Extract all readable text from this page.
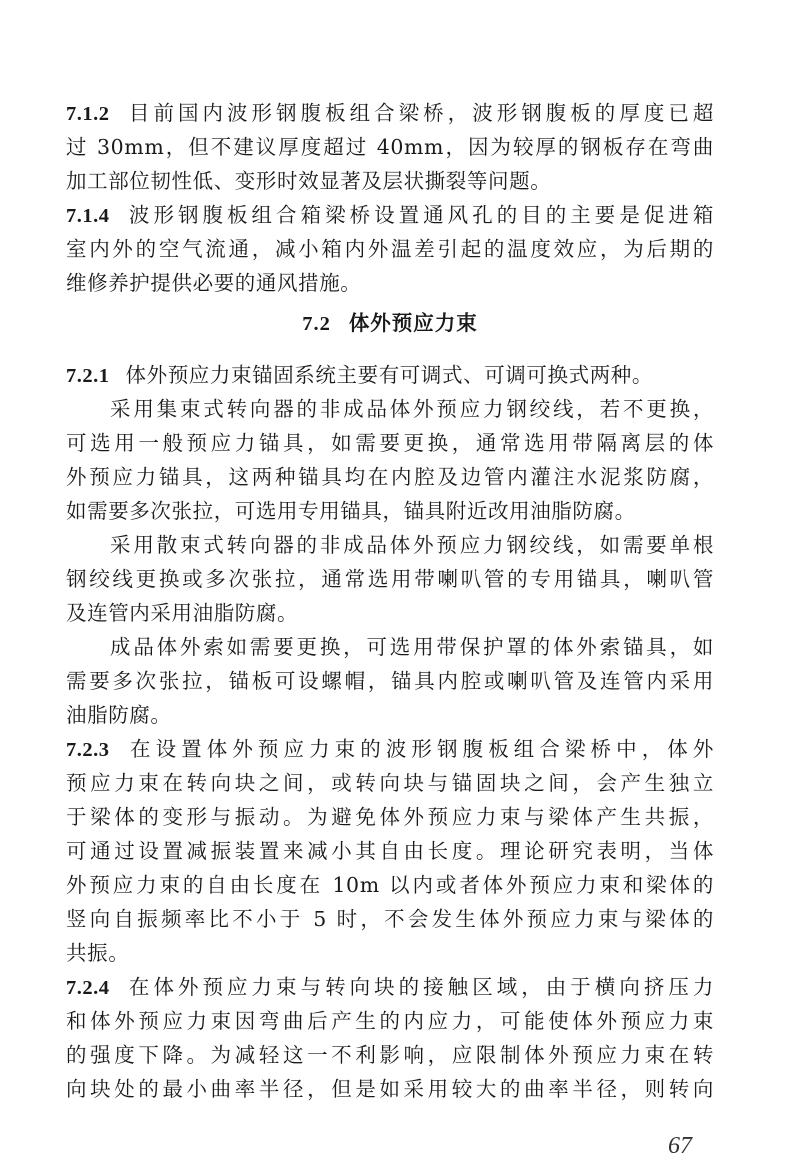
7.1.2 目前国内波形钢腹板组合梁桥，波形钢腹板的厚度已超
过 30mm，但不建议厚度超过 40mm，因为较厚的钢板存在弯曲
加工部位韧性低、变形时效显著及层状撕裂等问题。
7.1.4 波形钢腹板组合箱梁桥设置通风孔的目的主要是促进箱
室内外的空气流通，减小箱内外温差引起的温度效应，为后期的
维修养护提供必要的通风措施。
7.2 体外预应力束
7.2.1 体外预应力束锚固系统主要有可调式、可调可换式两种。
采用集束式转向器的非成品体外预应力钢绞线，若不更换，
可选用一般预应力锚具，如需要更换，通常选用带隔离层的体
外预应力锚具，这两种锚具均在内腔及边管内灌注水泥浆防腐，
如需要多次张拉，可选用专用锚具，锚具附近改用油脂防腐。
采用散束式转向器的非成品体外预应力钢绞线，如需要单根
钢绞线更换或多次张拉，通常选用带喇叭管的专用锚具，喇叭管
及连管内采用油脂防腐。
成品体外索如需要更换，可选用带保护罩的体外索锚具，如
需要多次张拉，锚板可设螺帽，锚具内腔或喇叭管及连管内采用
油脂防腐。
7.2.3 在设置体外预应力束的波形钢腹板组合梁桥中，体外
预应力束在转向块之间，或转向块与锚固块之间，会产生独立
于梁体的变形与振动。为避免体外预应力束与梁体产生共振，
可通过设置减振装置来减小其自由长度。理论研究表明，当体
外预应力束的自由长度在 10m 以内或者体外预应力束和梁体的
竖向自振频率比不小于 5 时，不会发生体外预应力束与梁体的
共振。
7.2.4 在体外预应力束与转向块的接触区域，由于横向挤压力
和体外预应力束因弯曲后产生的内应力，可能使体外预应力束
的强度下降。为减轻这一不利影响，应限制体外预应力束在转
向块处的最小曲率半径，但是如采用较大的曲率半径，则转向
67
